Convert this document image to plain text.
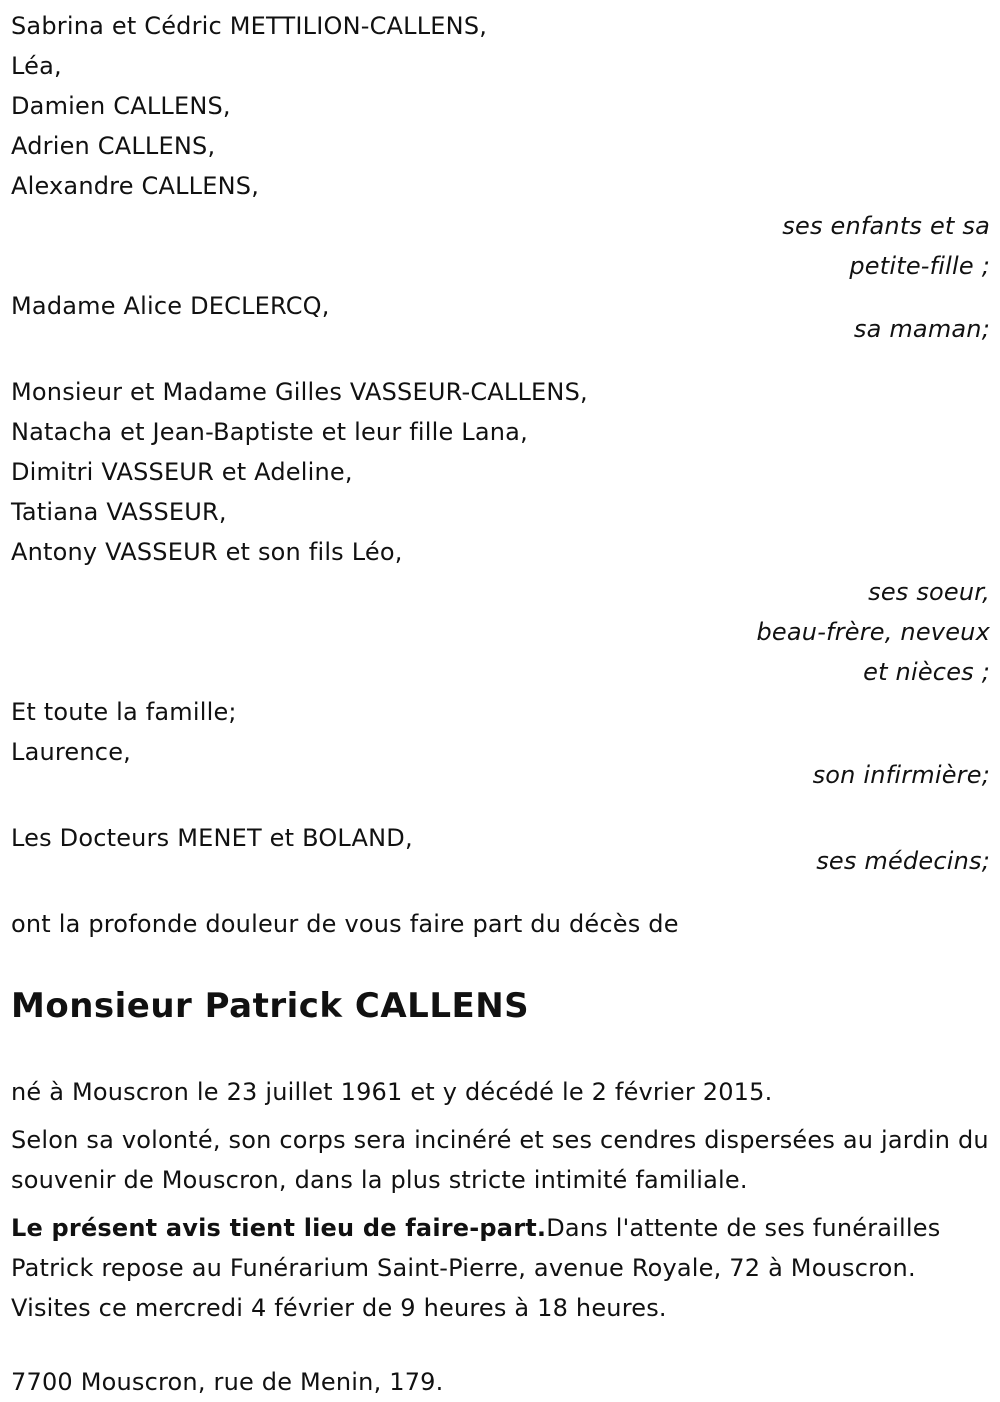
Sabrina et Cédric METTILION-CALLENS,
Léa,
Damien CALLENS,
Adrien CALLENS,
Alexandre CALLENS,
ses enfants et sa
petite-fille ;
Madame Alice DECLERCQ,
sa maman;
Monsieur et Madame Gilles VASSEUR-CALLENS,
Natacha et Jean-Baptiste et leur fille Lana,
Dimitri VASSEUR et Adeline,
Tatiana VASSEUR,
Antony VASSEUR et son fils Léo,
ses soeur,
beau-frère, neveux
et nièces ;
Et toute la famille;
Laurence,
son infirmière;
Les Docteurs MENET et BOLAND,
ses médecins;
ont la profonde douleur de vous faire part du décès de
Monsieur Patrick CALLENS
né à Mouscron le 23 juillet 1961 et y décédé le 2 février 2015.
Selon sa volonté, son corps sera incinéré et ses cendres dispersées au jardin du souvenir de Mouscron, dans la plus stricte intimité familiale.
Le présent avis tient lieu de faire-part.Dans l'attente de ses funérailles Patrick repose au Funérarium Saint-Pierre, avenue Royale, 72 à Mouscron. Visites ce mercredi 4 février de 9 heures à 18 heures.
7700 Mouscron, rue de Menin, 179.
